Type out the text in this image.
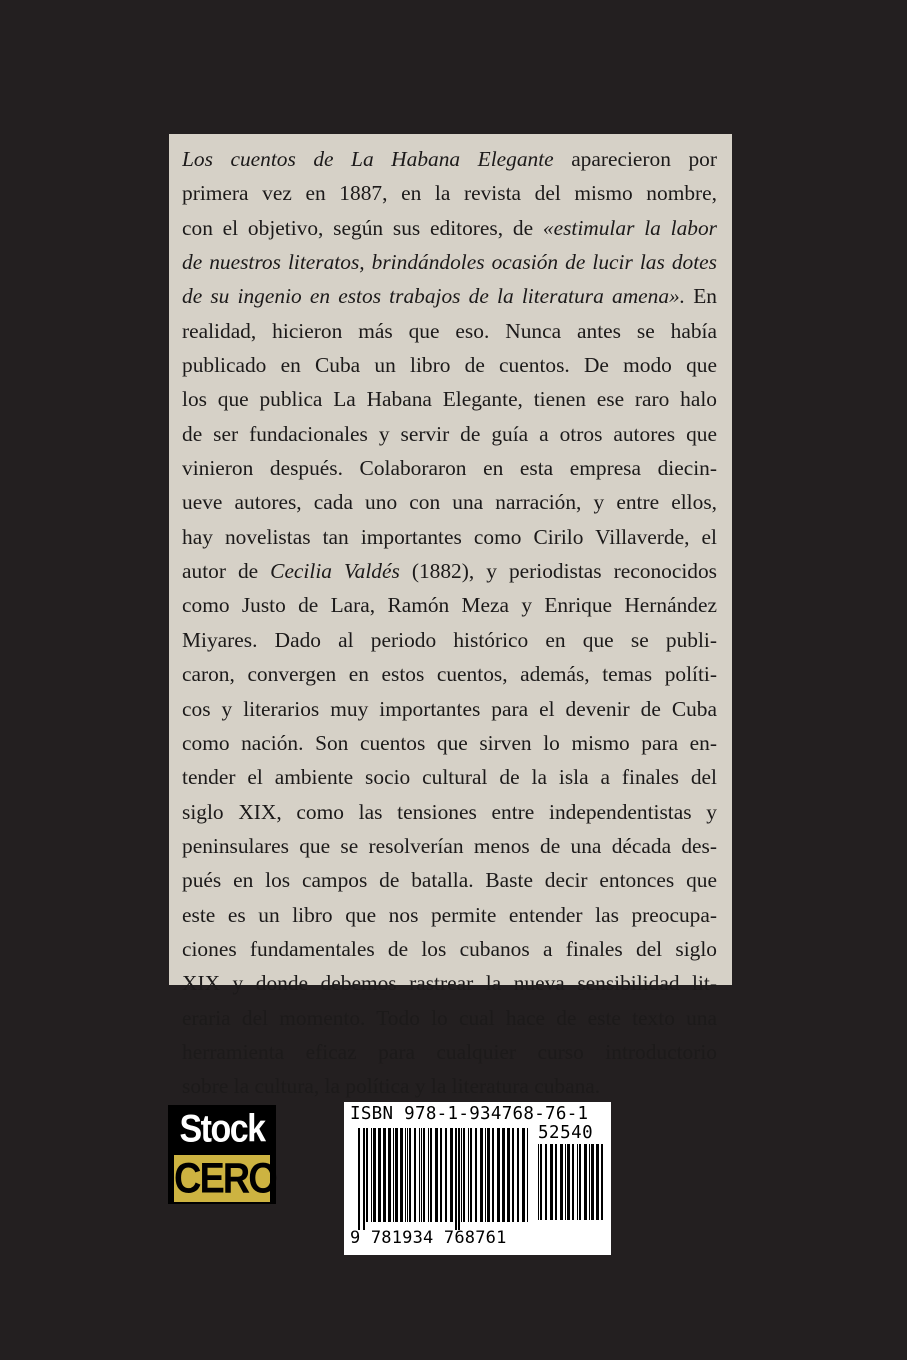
Los cuentos de La Habana Elegante aparecieron por
primera vez en 1887, en la revista del mismo nombre,
con el objetivo, según sus editores, de «estimular la labor
de nuestros literatos, brindándoles ocasión de lucir las dotes
de su ingenio en estos trabajos de la literatura amena». En
realidad, hicieron más que eso. Nunca antes se había
publicado en Cuba un libro de cuentos. De modo que
los que publica La Habana Elegante, tienen ese raro halo
de ser fundacionales y servir de guía a otros autores que
vinieron después. Colaboraron en esta empresa diecin-
ueve autores, cada uno con una narración, y entre ellos,
hay novelistas tan importantes como Cirilo Villaverde, el
autor de Cecilia Valdés (1882), y periodistas reconocidos
como Justo de Lara, Ramón Meza y Enrique Hernández
Miyares. Dado al periodo histórico en que se publi-
caron, convergen en estos cuentos, además, temas políti-
cos y literarios muy importantes para el devenir de Cuba
como nación. Son cuentos que sirven lo mismo para en-
tender el ambiente socio cultural de la isla a finales del
siglo XIX, como las tensiones entre independentistas y
peninsulares que se resolverían menos de una década des-
pués en los campos de batalla. Baste decir entonces que
este es un libro que nos permite entender las preocupa-
ciones fundamentales de los cubanos a finales del siglo
XIX y donde debemos rastrear la nueva sensibilidad lit-
eraria del momento. Todo lo cual hace de este texto una
herramienta eficaz para cualquier curso introductorio
sobre la cultura, la política y la literatura cubana.
Stock
CERO
ISBN 978-1-934768-76-1
52540
9 781934 768761
